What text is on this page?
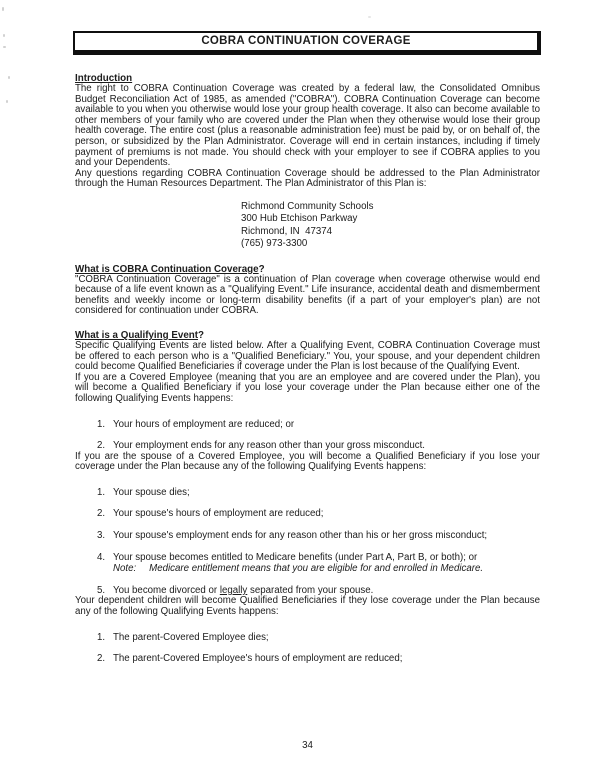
COBRA CONTINUATION COVERAGE
Introduction

The right to COBRA Continuation Coverage was created by a federal law, the Consolidated Omnibus Budget Reconciliation Act of 1985, as amended ("COBRA"). COBRA Continuation Coverage can become available to you when you otherwise would lose your group health coverage. It also can become available to other members of your family who are covered under the Plan when they otherwise would lose their group health coverage. The entire cost (plus a reasonable administration fee) must be paid by, or on behalf of, the person, or subsidized by the Plan Administrator. Coverage will end in certain instances, including if timely payment of premiums is not made. You should check with your employer to see if COBRA applies to you and your Dependents.

Any questions regarding COBRA Continuation Coverage should be addressed to the Plan Administrator through the Human Resources Department. The Plan Administrator of this Plan is:

Richmond Community Schools
300 Hub Etchison Parkway
Richmond, IN  47374
(765) 973-3300
What is COBRA Continuation Coverage?

"COBRA Continuation Coverage" is a continuation of Plan coverage when coverage otherwise would end because of a life event known as a "Qualifying Event." Life insurance, accidental death and dismemberment benefits and weekly income or long-term disability benefits (if a part of your employer's plan) are not considered for continuation under COBRA.

What is a Qualifying Event?

Specific Qualifying Events are listed below. After a Qualifying Event, COBRA Continuation Coverage must be offered to each person who is a "Qualified Beneficiary." You, your spouse, and your dependent children could become Qualified Beneficiaries if coverage under the Plan is lost because of the Qualifying Event.

If you are a Covered Employee (meaning that you are an employee and are covered under the Plan), you will become a Qualified Beneficiary if you lose your coverage under the Plan because either one of the following Qualifying Events happens:

1. Your hours of employment are reduced; or
2. Your employment ends for any reason other than your gross misconduct.

If you are the spouse of a Covered Employee, you will become a Qualified Beneficiary if you lose your coverage under the Plan because any of the following Qualifying Events happens:

1. Your spouse dies;
2. Your spouse's hours of employment are reduced;
3. Your spouse's employment ends for any reason other than his or her gross misconduct;
4. Your spouse becomes entitled to Medicare benefits (under Part A, Part B, or both); or
Note: Medicare entitlement means that you are eligible for and enrolled in Medicare.
5. You become divorced or legally separated from your spouse.

Your dependent children will become Qualified Beneficiaries if they lose coverage under the Plan because any of the following Qualifying Events happens:

1. The parent-Covered Employee dies;
2. The parent-Covered Employee's hours of employment are reduced;
34
